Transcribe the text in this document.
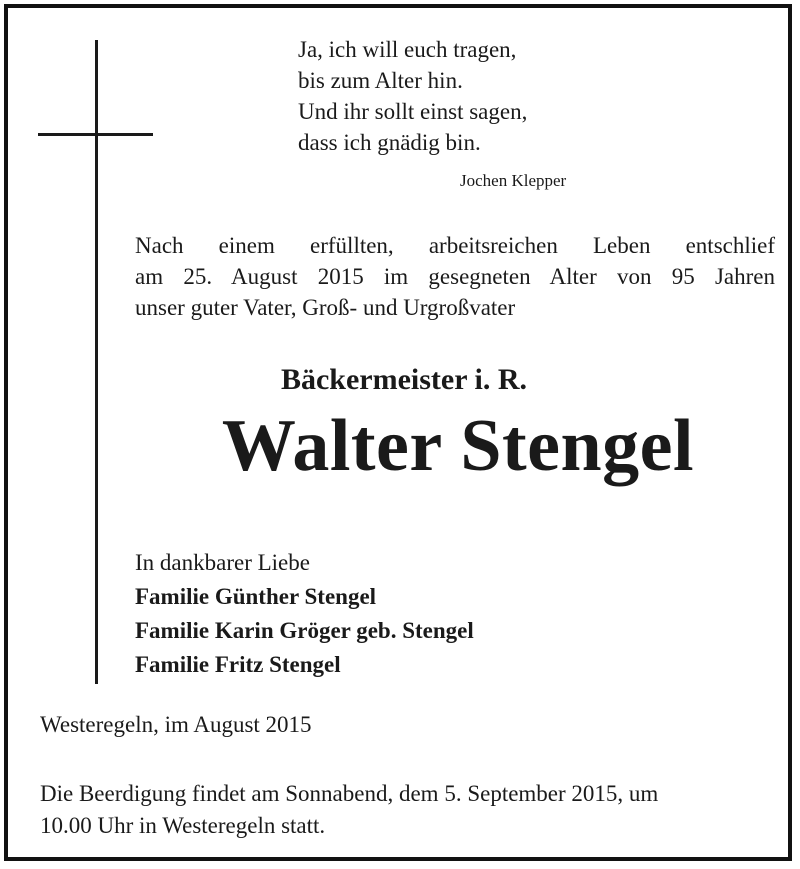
Ja, ich will euch tragen,
bis zum Alter hin.
Und ihr sollt einst sagen,
dass ich gnädig bin.
Jochen Klepper
Nach einem erfüllten, arbeitsreichen Leben entschlief
am 25. August 2015 im gesegneten Alter von 95 Jahren
unser guter Vater, Groß- und Urgroßvater
Bäckermeister i. R.
Walter Stengel
In dankbarer Liebe
Familie Günther Stengel
Familie Karin Gröger geb. Stengel
Familie Fritz Stengel
Westeregeln, im August 2015
Die Beerdigung findet am Sonnabend, dem 5. September 2015, um
10.00 Uhr in Westeregeln statt.
